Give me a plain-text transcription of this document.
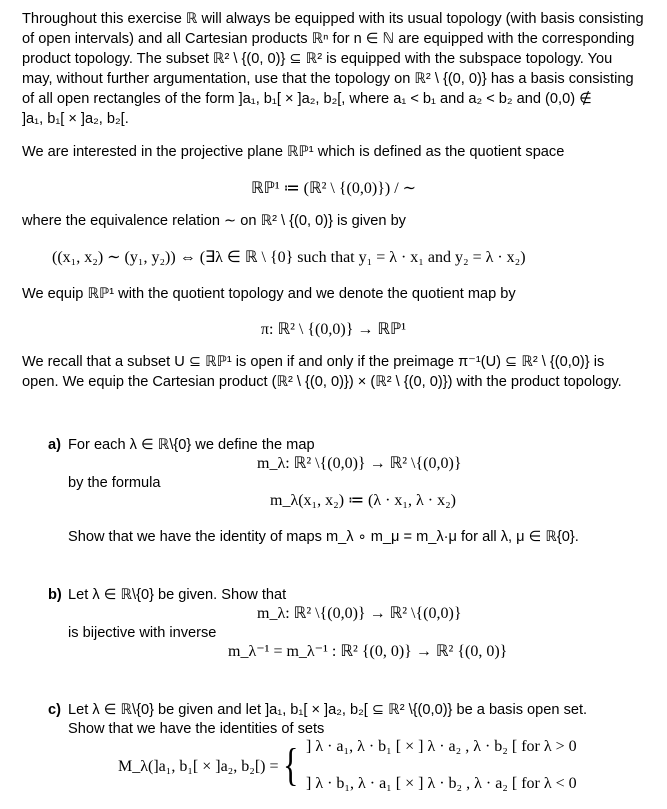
Throughout this exercise ℝ will always be equipped with its usual topology (with basis consisting
of open intervals) and all Cartesian products ℝⁿ for n ∈ ℕ are equipped with the corresponding
product topology. The subset ℝ² \ {(0, 0)} ⊆ ℝ² is equipped with the subspace topology. You
may, without further argumentation, use that the topology on ℝ² \ {(0, 0)} has a basis consisting
of all open rectangles of the form ]a₁, b₁[ × ]a₂, b₂[, where a₁ < b₁ and a₂ < b₂ and (0,0) ∉
]a₁, b₁[ × ]a₂, b₂[.
We are interested in the projective plane ℝℙ¹ which is defined as the quotient space
ℝℙ¹ ≔ (ℝ² \ {(0,0)}) / ∼
where the equivalence relation ∼ on ℝ² \ {(0, 0)} is given by
((x₁, x₂) ∼ (y₁, y₂)) ⇔ (∃λ ∈ ℝ \ {0} such that y₁ = λ · x₁ and y₂ = λ · x₂)
We equip ℝℙ¹ with the quotient topology and we denote the quotient map by
π: ℝ² \ {(0,0)} → ℝℙ¹
We recall that a subset U ⊆ ℝℙ¹ is open if and only if the preimage π⁻¹(U) ⊆ ℝ² \ {(0,0)} is
open. We equip the Cartesian product (ℝ² \ {(0, 0)}) × (ℝ² \ {(0, 0)}) with the product topology.
a) For each λ ∈ ℝ\{0} we define the map
m_λ: ℝ² \{(0,0)} → ℝ² \{(0,0)}
by the formula
m_λ(x₁, x₂) ≔ (λ · x₁, λ · x₂)
Show that we have the identity of maps m_λ ∘ m_μ = m_λ·μ for all λ, μ ∈ ℝ{0}.
b) Let λ ∈ ℝ\{0} be given. Show that
m_λ: ℝ² \{(0,0)} → ℝ² \{(0,0)}
is bijective with inverse
m_λ⁻¹ = m_λ⁻¹ : ℝ² {(0, 0)} → ℝ² {(0, 0)}
c) Let λ ∈ ℝ\{0} be given and let ]a₁, b₁[ × ]a₂, b₂[ ⊆ ℝ² \{(0,0)} be a basis open set.
Show that we have the identities of sets
M_λ(]a₁, b₁[ × ]a₂, b₂[) = { ] λ · a₁, λ · b₁ [ × ] λ · a₂ , λ · b₂ [ for λ > 0
] λ · b₁, λ · a₁ [ × ] λ · b₂ , λ · a₂ [ for λ < 0
